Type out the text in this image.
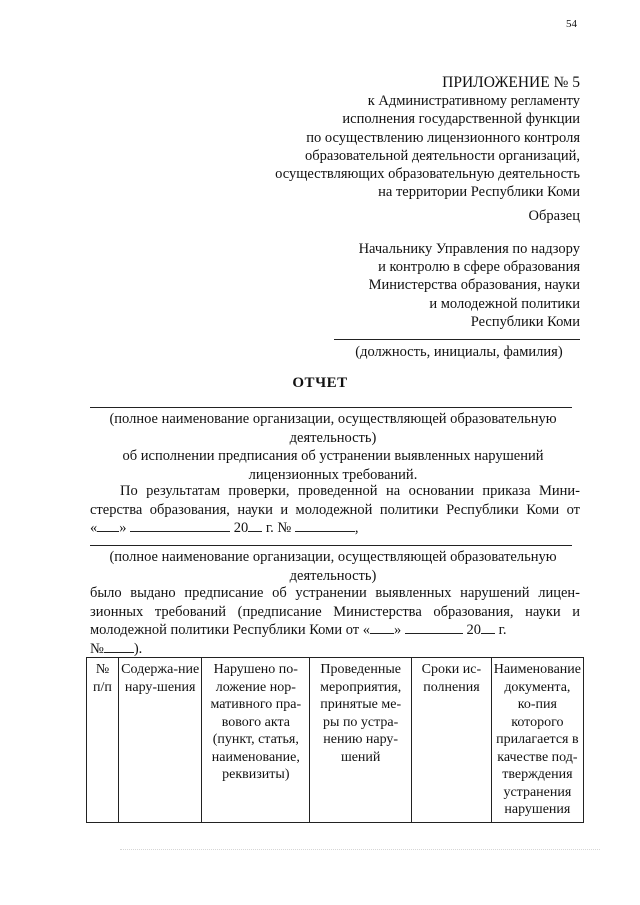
54
ПРИЛОЖЕНИЕ № 5
к Административному регламенту
исполнения государственной функции
по осуществлению лицензионного контроля
образовательной деятельности организаций,
осуществляющих образовательную деятельность
на территории Республики Коми
Образец
Начальнику Управления по надзору
и контролю в сфере образования
Министерства образования, науки
и молодежной политики
Республики Коми
(должность, инициалы, фамилия)
ОТЧЕТ
(полное наименование организации, осуществляющей образовательную деятельность)
об исполнении предписания об устранении выявленных нарушений лицензионных требований.
По результатам проверки, проведенной на основании приказа Мини-
стерства образования, науки и молодежной политики Республики Коми от
« »	20 г. №	,
(полное наименование организации, осуществляющей образовательную деятельность)
было выдано предписание об устранении выявленных нарушений лицен-
зионных требований (предписание Министерства образования, науки и
молодежной политики Республики Коми от « »	20 г.
№ ).
№ п/п	Содержа-ние нару-шения	Нарушено по-ложение нор-мативного пра-вового акта (пункт, статья, наименование, реквизиты)	Проведенные мероприятия, принятые ме-ры по устра-нению нару-шений	Сроки ис-полнения	Наименование документа, ко-пия которого прилагается в качестве под-тверждения устранения нарушения
